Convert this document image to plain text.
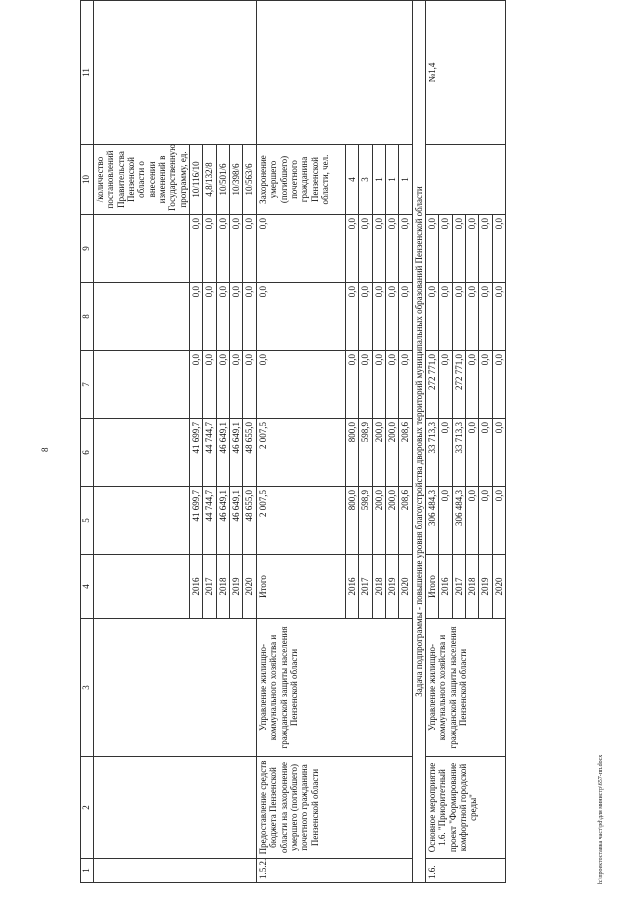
8
1	2	3	4	5	6	7	8	9	10	11
									/количество постановлений Правительства Пензенской области о внесении изменений в Государственную программу, ед.	
			2016	41 699,7	41 699,7	0,0	0,0	0,0	10/116/10	
			2017	44 744,7	44 744,7	0,0	0,0	0,0	4,8/132/8	
			2018	46 649,1	46 649,1	0,0	0,0	0,0	10/501/6	
			2019	46 649,1	46 649,1	0,0	0,0	0,0	10/398/6	
			2020	48 655,0	48 655,0	0,0	0,0	0,0	10/563/6	
1.5.2.	Предоставление средств бюджета Пензенской области на захоронение умершего (погибшего) почетного гражданина Пензенской области	Управление жилищно-коммунального хозяйства и гражданской защиты населения Пензенской области	Итого	2 007,5	2 007,5	0,0	0,0	0,0	Захоронение умершего (погибшего) почетного гражданина Пензенской области, чел.	
			2016	800,0	800,0	0,0	0,0	0,0	4	
			2017	598,9	598,9	0,0	0,0	0,0	3	
			2018	200,0	200,0	0,0	0,0	0,0	1	
			2019	200,0	200,0	0,0	0,0	0,0	1	
			2020	208,6	208,6	0,0	0,0	0,0	1	
Задача подпрограммы - повышение уровня благоустройства дворовых территорий муниципальных образований Пензенской области										
1.6.	Основное мероприятие 1.6. "Приоритетный проект "Формирование комфортной городской среды"	Управление жилищно-коммунального хозяйства и гражданской защиты населения Пензенской области	Итого	306 484,3	33 713,3	272 771,0	0,0	0,0		№1,4
			2016	0,0	0,0	0,0	0,0	0,0		
			2017	306 484,3	33 713,3	272 771,0	0,0	0,0		
			2018	0,0	0,0	0,0	0,0	0,0		
			2019	0,0	0,0	0,0	0,0	0,0		
			2020	0,0	0,0	0,0	0,0	0,0		
h:\проектоставка част\pd\для министр\657-пп.docx
